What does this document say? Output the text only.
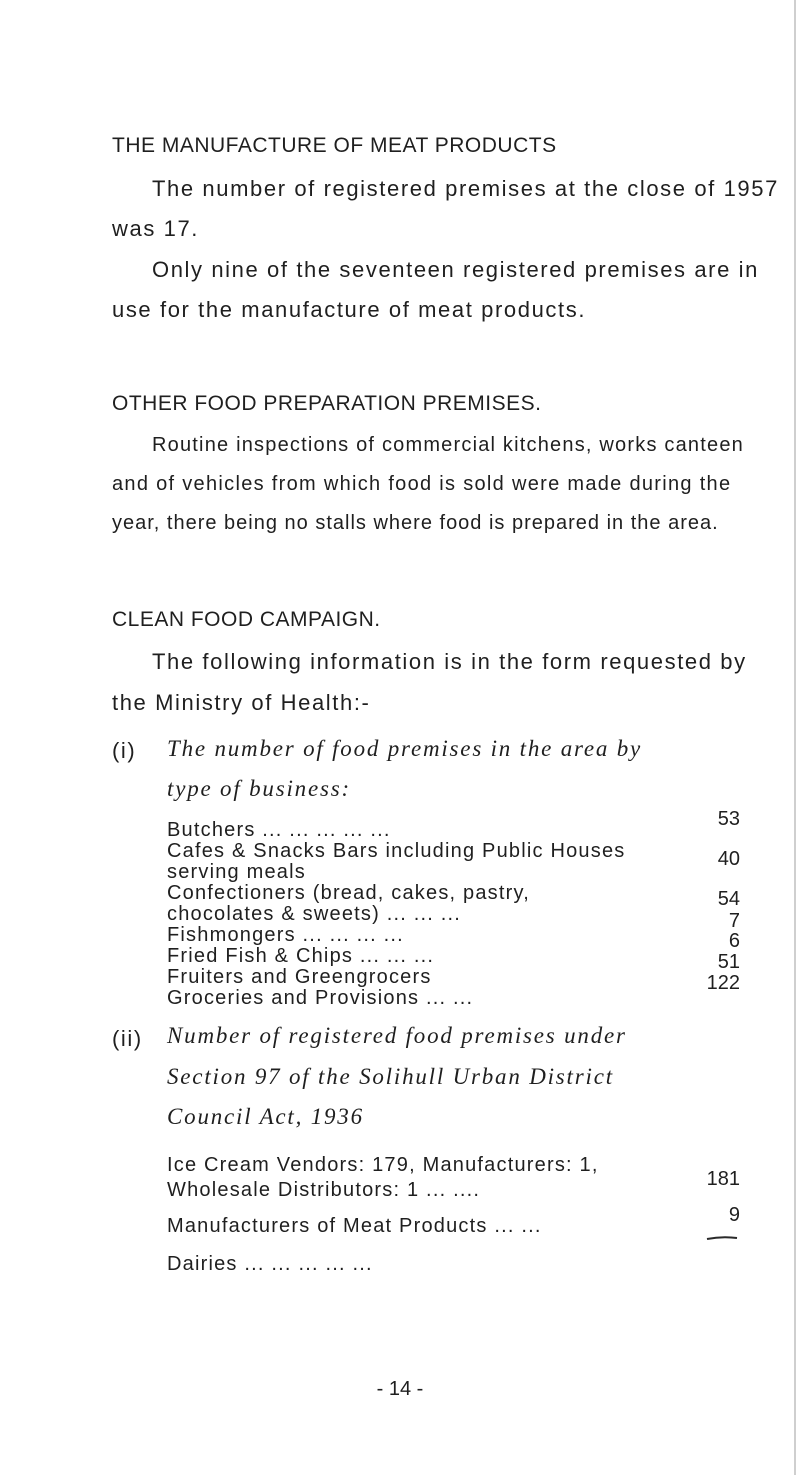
THE MANUFACTURE OF MEAT PRODUCTS
The number of registered premises at the close of 1957
was 17.
Only nine of the seventeen registered premises are in
use for the manufacture of meat products.
OTHER FOOD PREPARATION PREMISES.
Routine inspections of commercial kitchens, works canteen
and of vehicles from which food is sold were made during the
year, there being no stalls where food is prepared in the area.
CLEAN FOOD CAMPAIGN.
The following information is in the form requested by
the Ministry of Health:-
(i) The number of food premises in the area by
type of business:
Butchers ... ... ... ... ...
Cafes & Snacks Bars including Public Houses
serving meals
Confectioners (bread, cakes, pastry,
chocolates & sweets) ... ... ...
Fishmongers ... ... ... ...
Fried Fish & Chips ... ... ...
Fruiters and Greengrocers
Groceries and Provisions ... ...
53
40
54
7
6
51
122
(ii) Number of registered food premises under
Section 97 of the Solihull Urban District
Council Act, 1936
Ice Cream Vendors: 179, Manufacturers: 1,
Wholesale Distributors: 1 ... ....	181
Manufacturers of Meat Products ... ...	9
Dairies ... ... ... ... ...
- 14 -
